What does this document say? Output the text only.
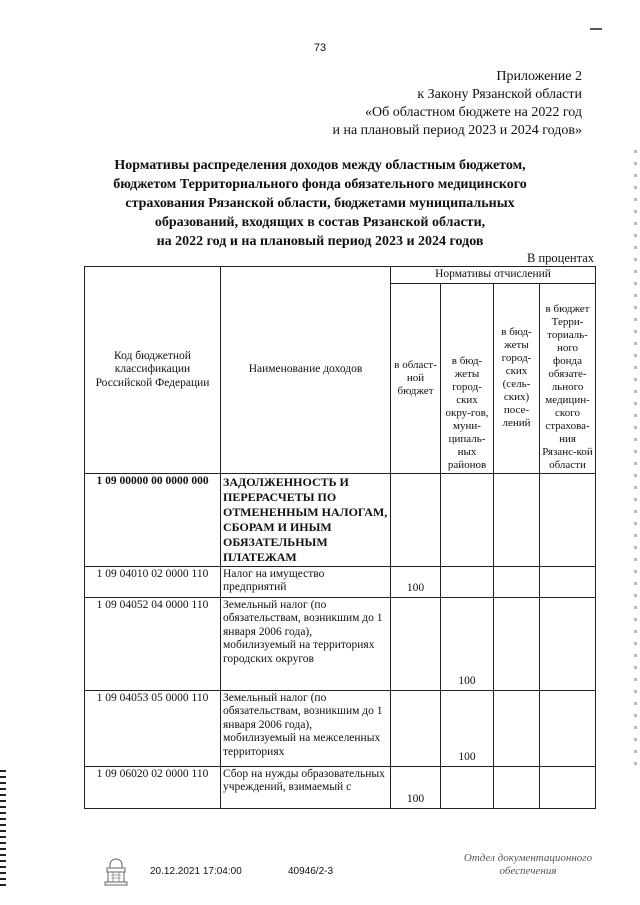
73
Приложение 2
к Закону Рязанской области
«Об областном бюджете на 2022 год
и на плановый период 2023 и 2024 годов»
Нормативы распределения доходов между областным бюджетом,
бюджетом Территориального фонда обязательного медицинского
страхования Рязанской области, бюджетами муниципальных
образований, входящих в состав Рязанской области,
на 2022 год и на плановый период 2023 и 2024 годов
В процентах
Код бюджетной классификации Российской Федерации	Наименование доходов	Нормативы отчислений			
		в област-ной бюджет	в бюд-жеты город-ских окру-гов, муни-ципаль-ных районов	в бюд-жеты город-ских (сель-ских) посе-лений	в бюджет Терри-ториаль-ного фонда обязате-льного медицин-ского страхова-ния Рязанс-кой области
1 09 00000 00 0000 000	ЗАДОЛЖЕННОСТЬ И ПЕРЕРАСЧЕТЫ ПО ОТМЕНЕННЫМ НАЛОГАМ, СБОРАМ И ИНЫМ ОБЯЗАТЕЛЬНЫМ ПЛАТЕЖАМ				
1 09 04010 02 0000 110	Налог на имущество предприятий	100			
1 09 04052 04 0000 110	Земельный налог (по обязательствам, возникшим до 1 января 2006 года), мобилизуемый на территориях городских округов		100		
1 09 04053 05 0000 110	Земельный налог (по обязательствам, возникшим до 1 января 2006 года), мобилизуемый на межселенных территориях		100		
1 09 06020 02 0000 110	Сбор на нужды образовательных учреждений, взимаемый с	100			
20.12.2021 17:04:00	40946/2-3
Отдел документационного
обеспечения
